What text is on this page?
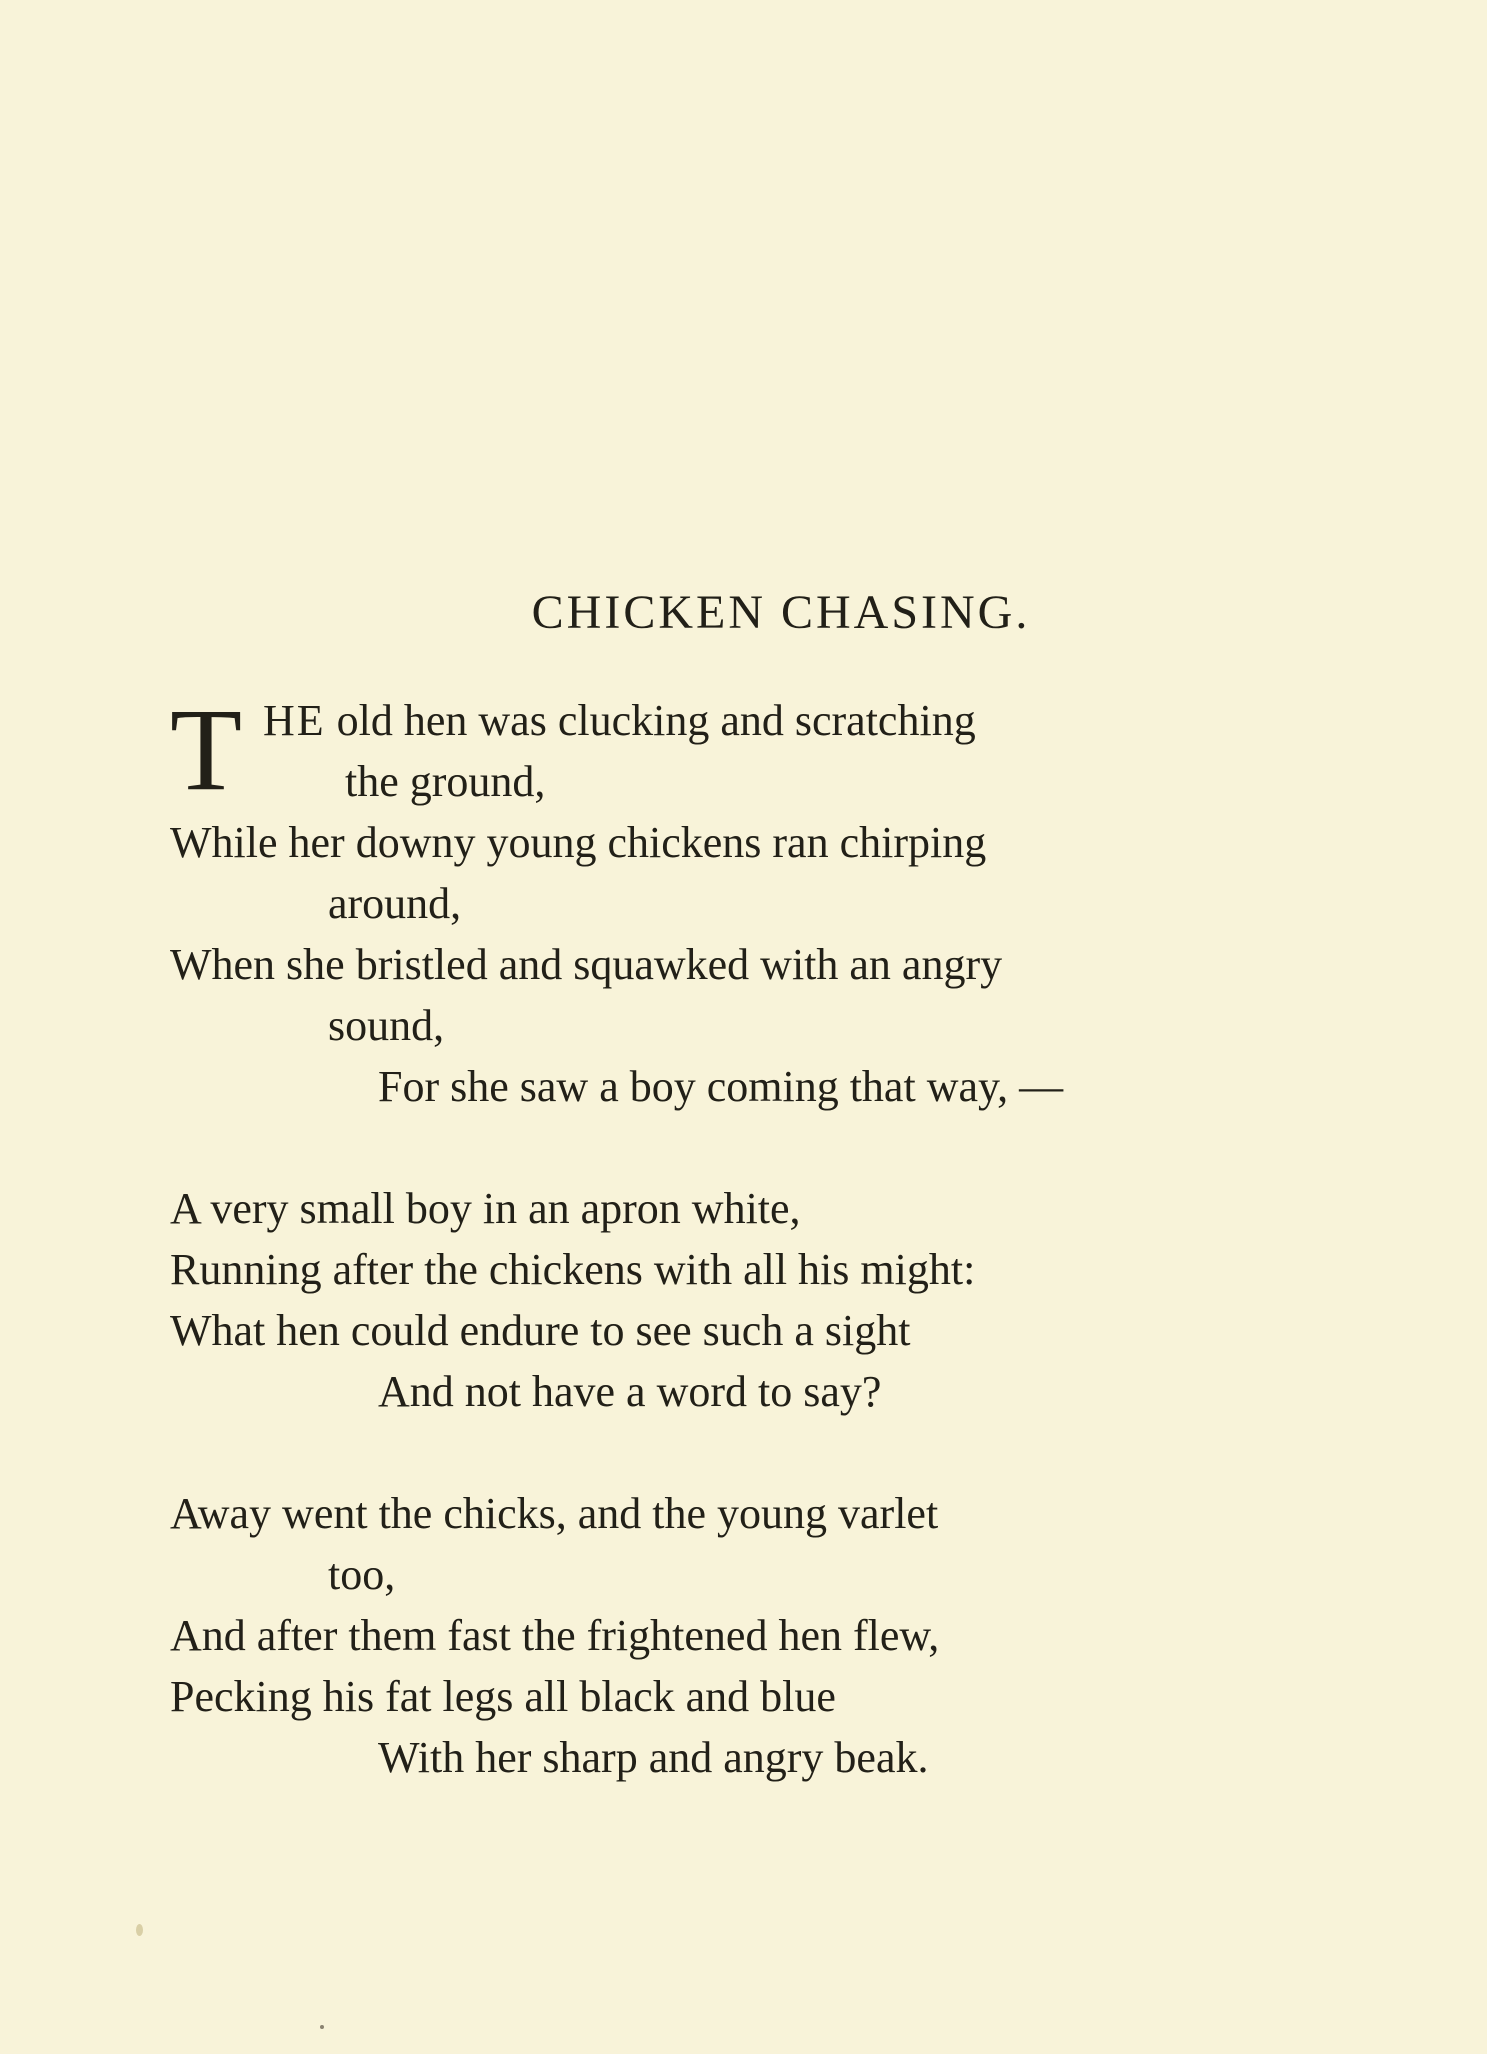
CHICKEN CHASING.
T HE old hen was clucking and scratching

the ground,

While her downy young chickens ran chirping

around,

When she bristled and squawked with an angry

sound,

For she saw a boy coming that way, —

A very small boy in an apron white,

Running after the chickens with all his might:

What hen could endure to see such a sight

And not have a word to say?

Away went the chicks, and the young varlet

too,

And after them fast the frightened hen flew,

Pecking his fat legs all black and blue

With her sharp and angry beak.
